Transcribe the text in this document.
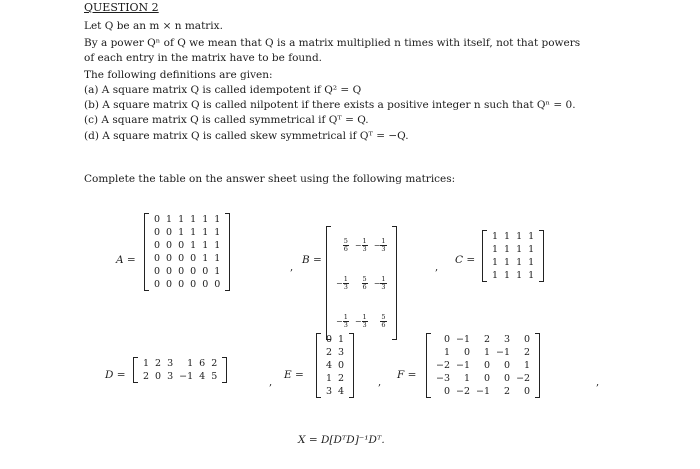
QUESTION 2
Let Q be an m × n matrix.
By a power Qⁿ of Q we mean that Q is a matrix multiplied n times with itself, not that powers
of each entry in the matrix have to be found.
The following definitions are given:
(a) A square matrix Q is called idempotent if Q² = Q
(b) A square matrix Q is called nilpotent if there exists a positive integer n such that Qⁿ = 0.
(c) A square matrix Q is called symmetrical if Qᵀ = Q.
(d) A square matrix Q is called skew symmetrical if Qᵀ = −Q.
Complete the table on the answer sheet using the following matrices:
A =
0	1	1	1	1	1
0	0	1	1	1	1
0	0	0	1	1	1
0	0	0	0	1	1
0	0	0	0	0	1
0	0	0	0	0	0
,
B =
$\frac{5}{6}$	− $\frac{1}{3}$	− $\frac{1}{3}$

− $\frac{1}{3}$	$\frac{5}{6}$	− $\frac{1}{3}$

− $\frac{1}{3}$	− $\frac{1}{3}$	$\frac{5}{6}$
,
C =
1	1	1	1
1	1	1	1
1	1	1	1
1	1	1	1
D =
1	2	3	1	6	2
2	0	3	−1	4	5
,
E =
0	1
2	3
4	0
1	2
3	4
,
F =
0	−1	2	3	0
1	0	1	−1	2
−2	−1	0	0	1
−3	1	0	0	−2
0	−2	−1	2	0
,
X = D[DᵀD]⁻¹Dᵀ.
